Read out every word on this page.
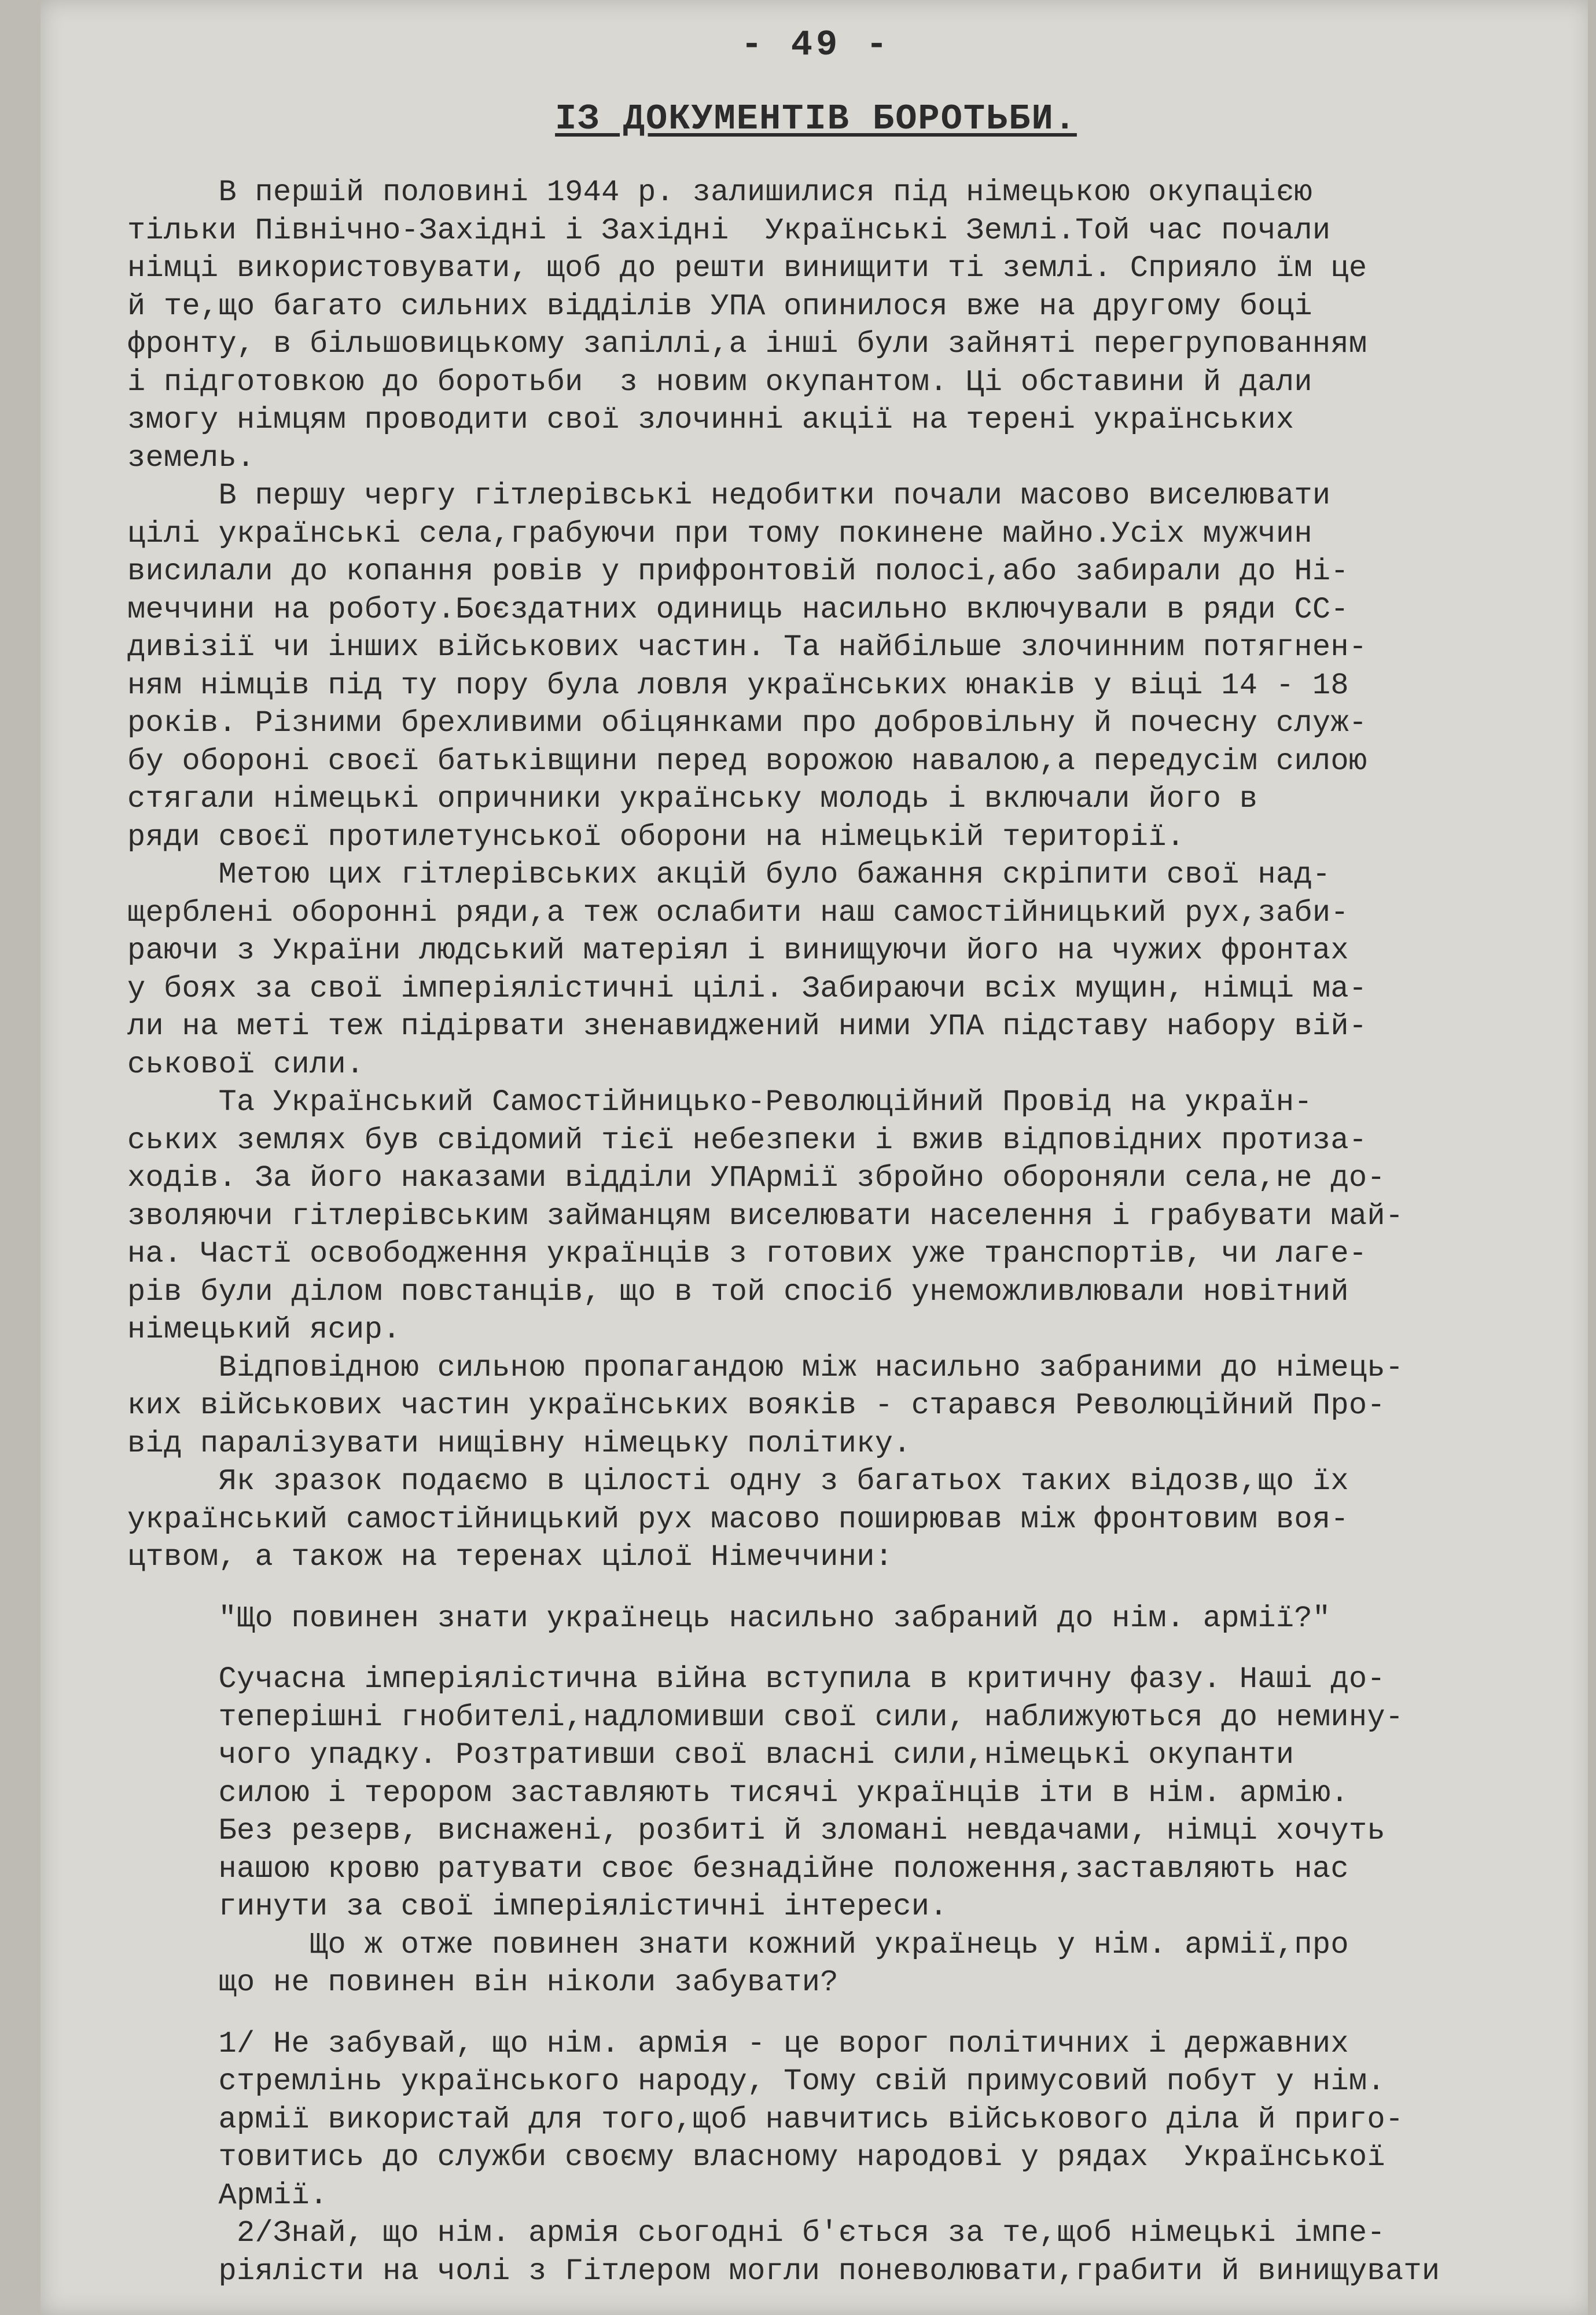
- 49 -
ІЗ ДОКУМЕНТІВ БОРОТЬБИ.
В першій половині 1944 р. залишилися під німецькою окупацією
тільки Північно-Західні і Західні  Українські Землі.Той час почали
німці використовувати, щоб до решти винищити ті землі. Сприяло їм це
й те,що багато сильних відділів УПА опинилося вже на другому боці
фронту, в більшовицькому запіллі,а інші були зайняті перегрупованням
і підготовкою до боротьби  з новим окупантом. Ці обставини й дали
змогу німцям проводити свої злочинні акції на терені українських
земель.
В першу чергу гітлерівські недобитки почали масово виселювати
цілі українські села,грабуючи при тому покинене майно.Усіх мужчин
висилали до копання ровів у прифронтовій полосі,або забирали до Ні-
меччини на роботу.Боєздатних одиниць насильно включували в ряди СС-
дивізії чи інших військових частин. Та найбільше злочинним потягнен-
ням німців під ту пору була ловля українських юнаків у віці 14 - 18
років. Різними брехливими обіцянками про добровільну й почесну служ-
бу обороні своєї батьківщини перед ворожою навалою,а передусім силою
стягали німецькі опричники українську молодь і включали його в
ряди своєї протилетунської оборони на німецькій території.
Метою цих гітлерівських акцій було бажання скріпити свої над-
щерблені оборонні ряди,а теж ослабити наш самостійницький рух,заби-
раючи з України людський матеріял і винищуючи його на чужих фронтах
у боях за свої імперіялістичні цілі. Забираючи всіх мущин, німці ма-
ли на меті теж підірвати зненавиджений ними УПА підставу набору вій-
ськової сили.
Та Український Самостійницько-Революційний Провід на україн-
ських землях був свідомий тієї небезпеки і вжив відповідних протиза-
ходів. За його наказами відділи УПАрмії збройно обороняли села,не до-
зволяючи гітлерівським займанцям виселювати населення і грабувати май-
на. Частї освободження українців з готових уже транспортів, чи лаге-
рів були ділом повстанців, що в той спосіб унеможливлювали новітний
німецький ясир.
Відповідною сильною пропагандою між насильно забраними до німець-
ких військових частин українських вояків - старався Революційний Про-
від паралізувати нищівну німецьку політику.
Як зразок подаємо в цілості одну з багатьох таких відозв,що їх
український самостійницький рух масово поширював між фронтовим воя-
цтвом, а також на теренах цілої Німеччини:
"Що повинен знати українець насильно забраний до нім. армії?"
Сучасна імперіялістична війна вступила в критичну фазу. Наші до-
теперішні гнобителі,надломивши свої сили, наближуються до немину-
чого упадку. Розтративши свої власні сили,німецькі окупанти
силою і терором заставляють тисячі українців іти в нім. армію.
Без резерв, виснажені, розбиті й зломані невдачами, німці хочуть
нашою кровю ратувати своє безнадійне положення,заставляють нас
гинути за свої імперіялістичні інтереси.
Що ж отже повинен знати кожний українець у нім. армії,про
що не повинен він ніколи забувати?
1/ Не забувай, що нім. армія - це ворог політичних і державних
стремлінь українського народу, Тому свій примусовий побут у нім.
армії використай для того,щоб навчитись військового діла й приго-
товитись до служби своєму власному народові у рядах  Української
Армії.
2/Знай, що нім. армія сьогодні б'ється за те,щоб німецькі імпе-
ріялісти на чолі з Гітлером могли поневолювати,грабити й винищувати
